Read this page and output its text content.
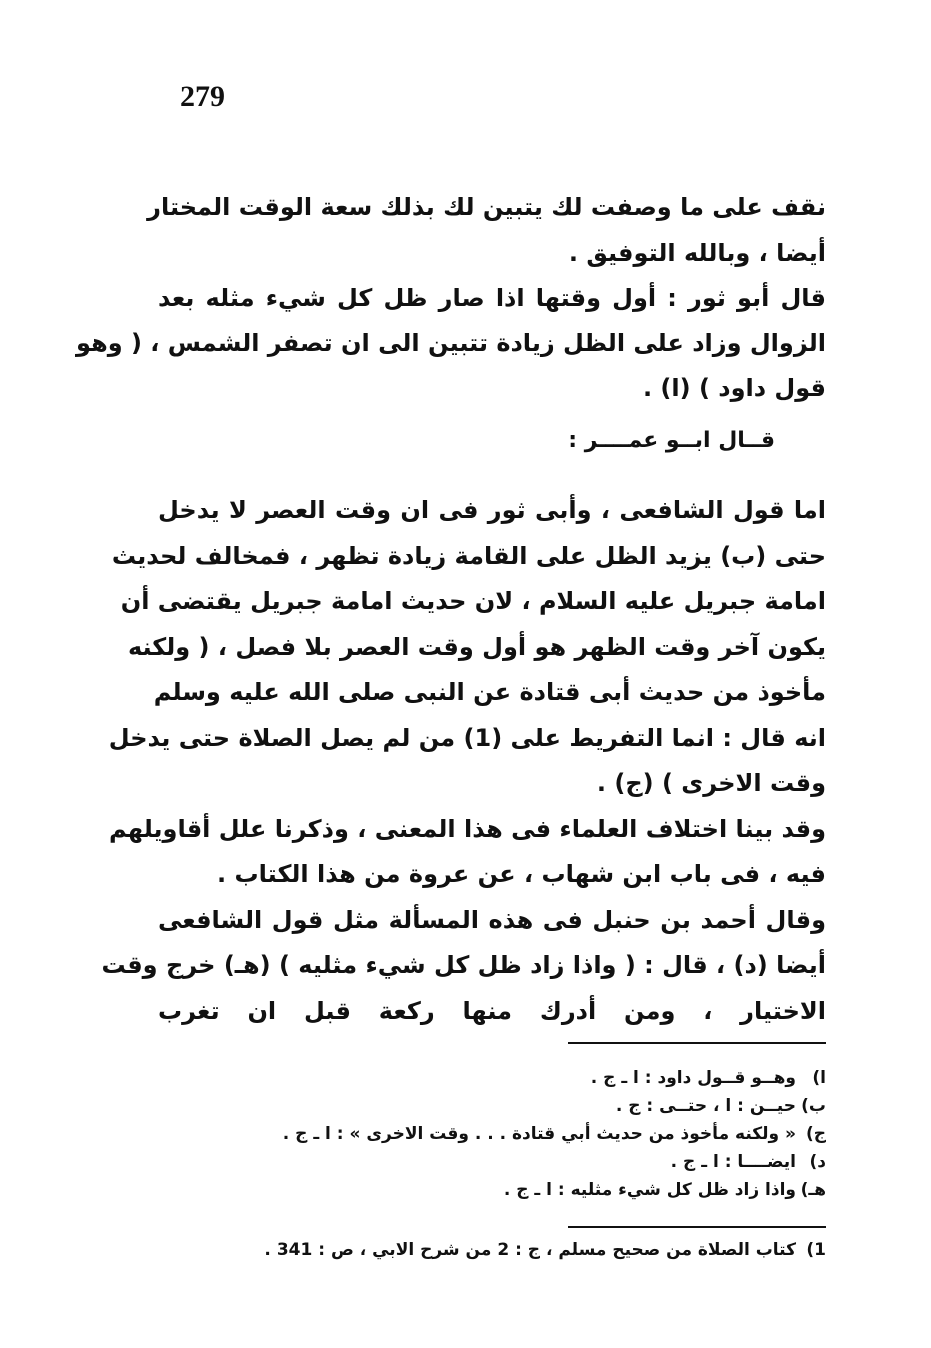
279
نقف على ما وصفت لك يتبين لك بذلك سعة الوقت المختار
أيضا ، وبالله التوفيق .
قال أبو ثور : أول وقتها اذا صار ظل كل شيء مثله بعد
الزوال وزاد على الظل زيادة تتبين الى ان تصفر الشمس ، ( وهو
قول داود ) (ا) .
قــال ابــو عمــــر :
اما قول الشافعى ، وأبى ثور فى ان وقت العصر لا يدخل
حتى (ب) يزيد الظل على القامة زيادة تظهر ، فمخالف لحديث
امامة جبريل عليه السلام ، لان حديث امامة جبريل يقتضى أن
يكون آخر وقت الظهر هو أول وقت العصر بلا فصل ، ( ولكنه
مأخوذ من حديث أبى قتادة عن النبى صلى الله عليه وسلم
انه قال : انما التفريط على (1) من لم يصل الصلاة حتى يدخل
وقت الاخرى ) (ج) .
وقد بينا اختلاف العلماء فى هذا المعنى ، وذكرنا علل أقاويلهم
فيه ، فى باب ابن شهاب ، عن عروة من هذا الكتاب .
وقال أحمد بن حنبل فى هذه المسألة مثل قول الشافعى
أيضا (د) ، قال : ( واذا زاد ظل كل شيء مثليه ) (هـ) خرج وقت
الاختيار ، ومن أدرك منها ركعة قبل ان تغرب
ا)
وهــو قــول داود : ا ـ ج .
ب)
حيــن : ا ، حتــى : ج .
ج)
« ولكنه مأخوذ من حديث أبي قتادة . . . وقت الاخرى » : ا ـ ج .
د)
ايضــــا : ا ـ ج .
هـ)
واذا زاد ظل كل شيء مثليه : ا ـ ج .
1)
كتاب الصلاة من صحيح مسلم ، ج : 2 من شرح الابي ، ص : 341 .
